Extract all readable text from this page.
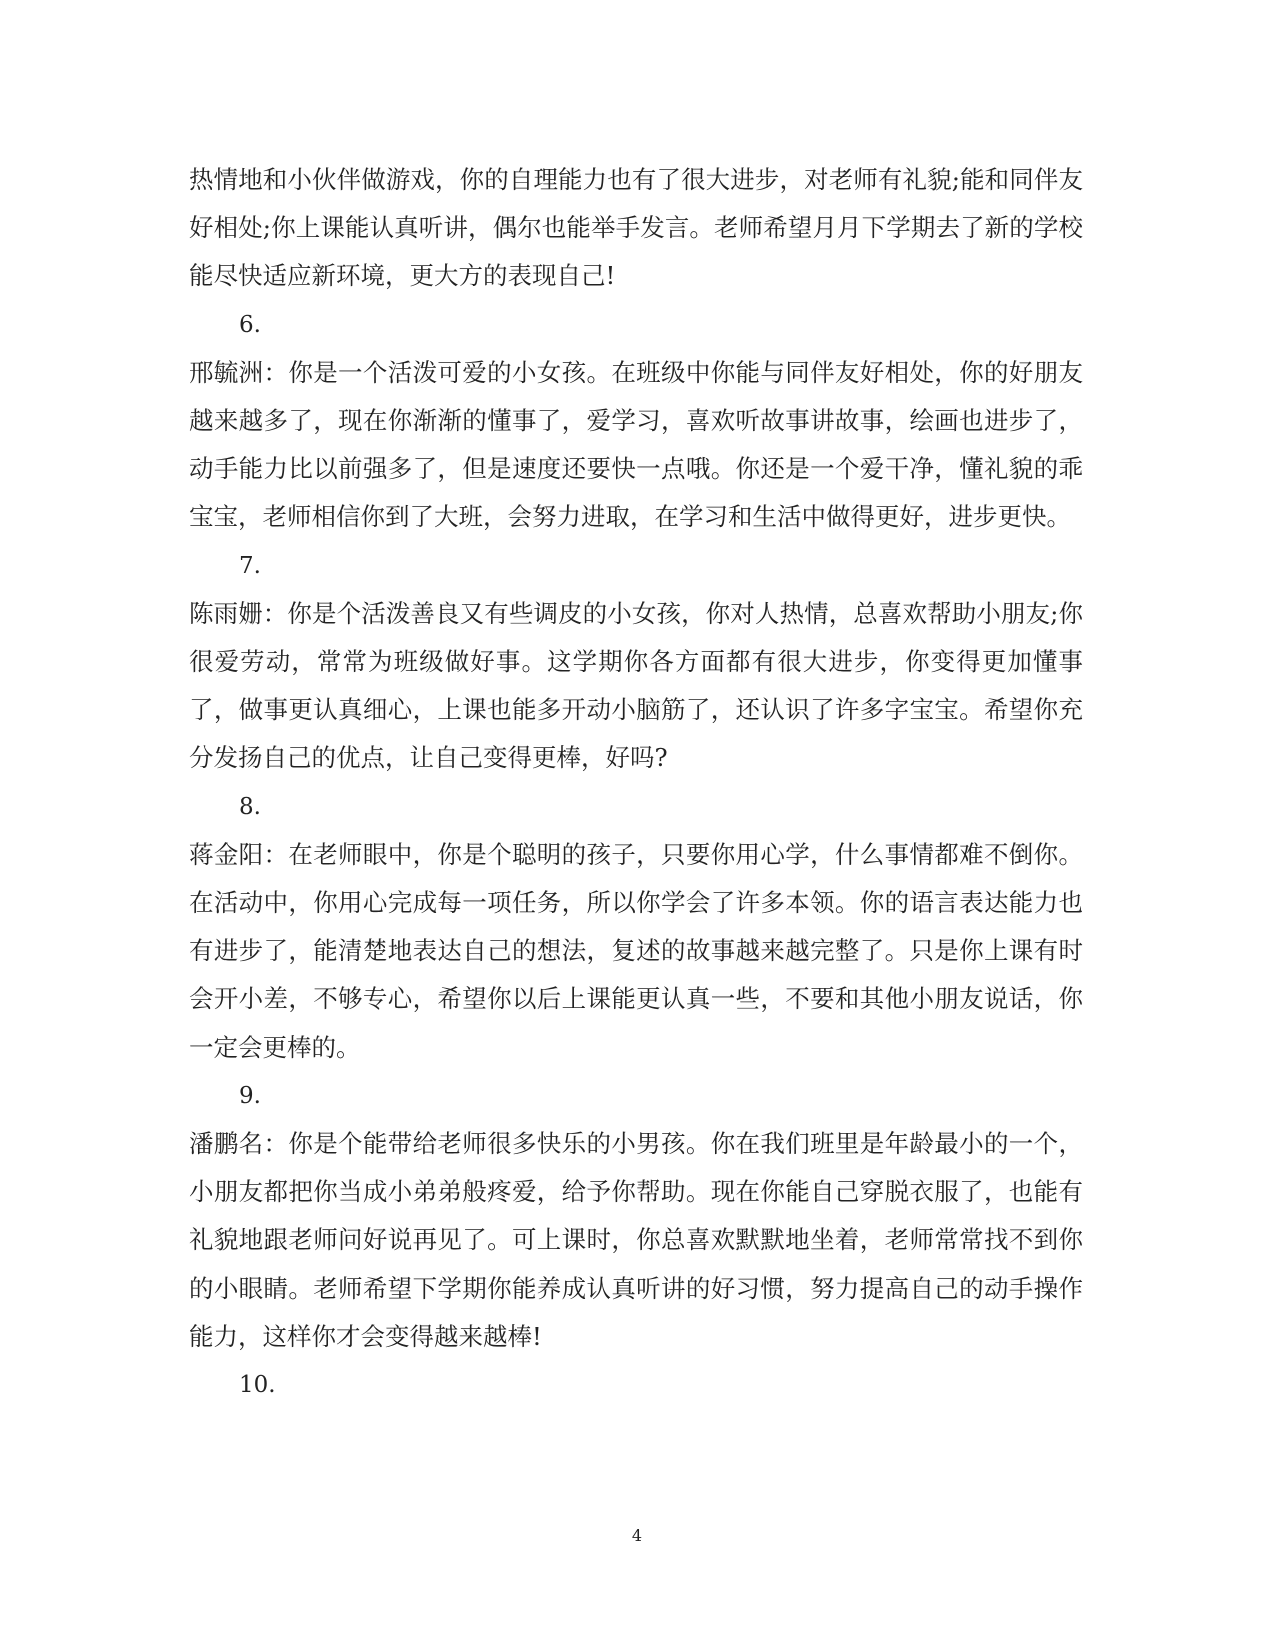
热情地和小伙伴做游戏，你的自理能力也有了很大进步，对老师有礼貌;能和同伴友好相处;你上课能认真听讲，偶尔也能举手发言。老师希望月月下学期去了新的学校能尽快适应新环境，更大方的表现自己!

6.

邢毓洲：你是一个活泼可爱的小女孩。在班级中你能与同伴友好相处，你的好朋友越来越多了，现在你渐渐的懂事了，爱学习，喜欢听故事讲故事，绘画也进步了，动手能力比以前强多了，但是速度还要快一点哦。你还是一个爱干净，懂礼貌的乖宝宝，老师相信你到了大班，会努力进取，在学习和生活中做得更好，进步更快。

7.

陈雨姗：你是个活泼善良又有些调皮的小女孩，你对人热情，总喜欢帮助小朋友;你很爱劳动，常常为班级做好事。这学期你各方面都有很大进步，你变得更加懂事了，做事更认真细心，上课也能多开动小脑筋了，还认识了许多字宝宝。希望你充分发扬自己的优点，让自己变得更棒，好吗?

8.

蒋金阳：在老师眼中，你是个聪明的孩子，只要你用心学，什么事情都难不倒你。在活动中，你用心完成每一项任务，所以你学会了许多本领。你的语言表达能力也有进步了，能清楚地表达自己的想法，复述的故事越来越完整了。只是你上课有时会开小差，不够专心，希望你以后上课能更认真一些，不要和其他小朋友说话，你一定会更棒的。

9.

潘鹏名：你是个能带给老师很多快乐的小男孩。你在我们班里是年龄最小的一个，小朋友都把你当成小弟弟般疼爱，给予你帮助。现在你能自己穿脱衣服了，也能有礼貌地跟老师问好说再见了。可上课时，你总喜欢默默地坐着，老师常常找不到你的小眼睛。老师希望下学期你能养成认真听讲的好习惯，努力提高自己的动手操作能力，这样你才会变得越来越棒!

10.

4
